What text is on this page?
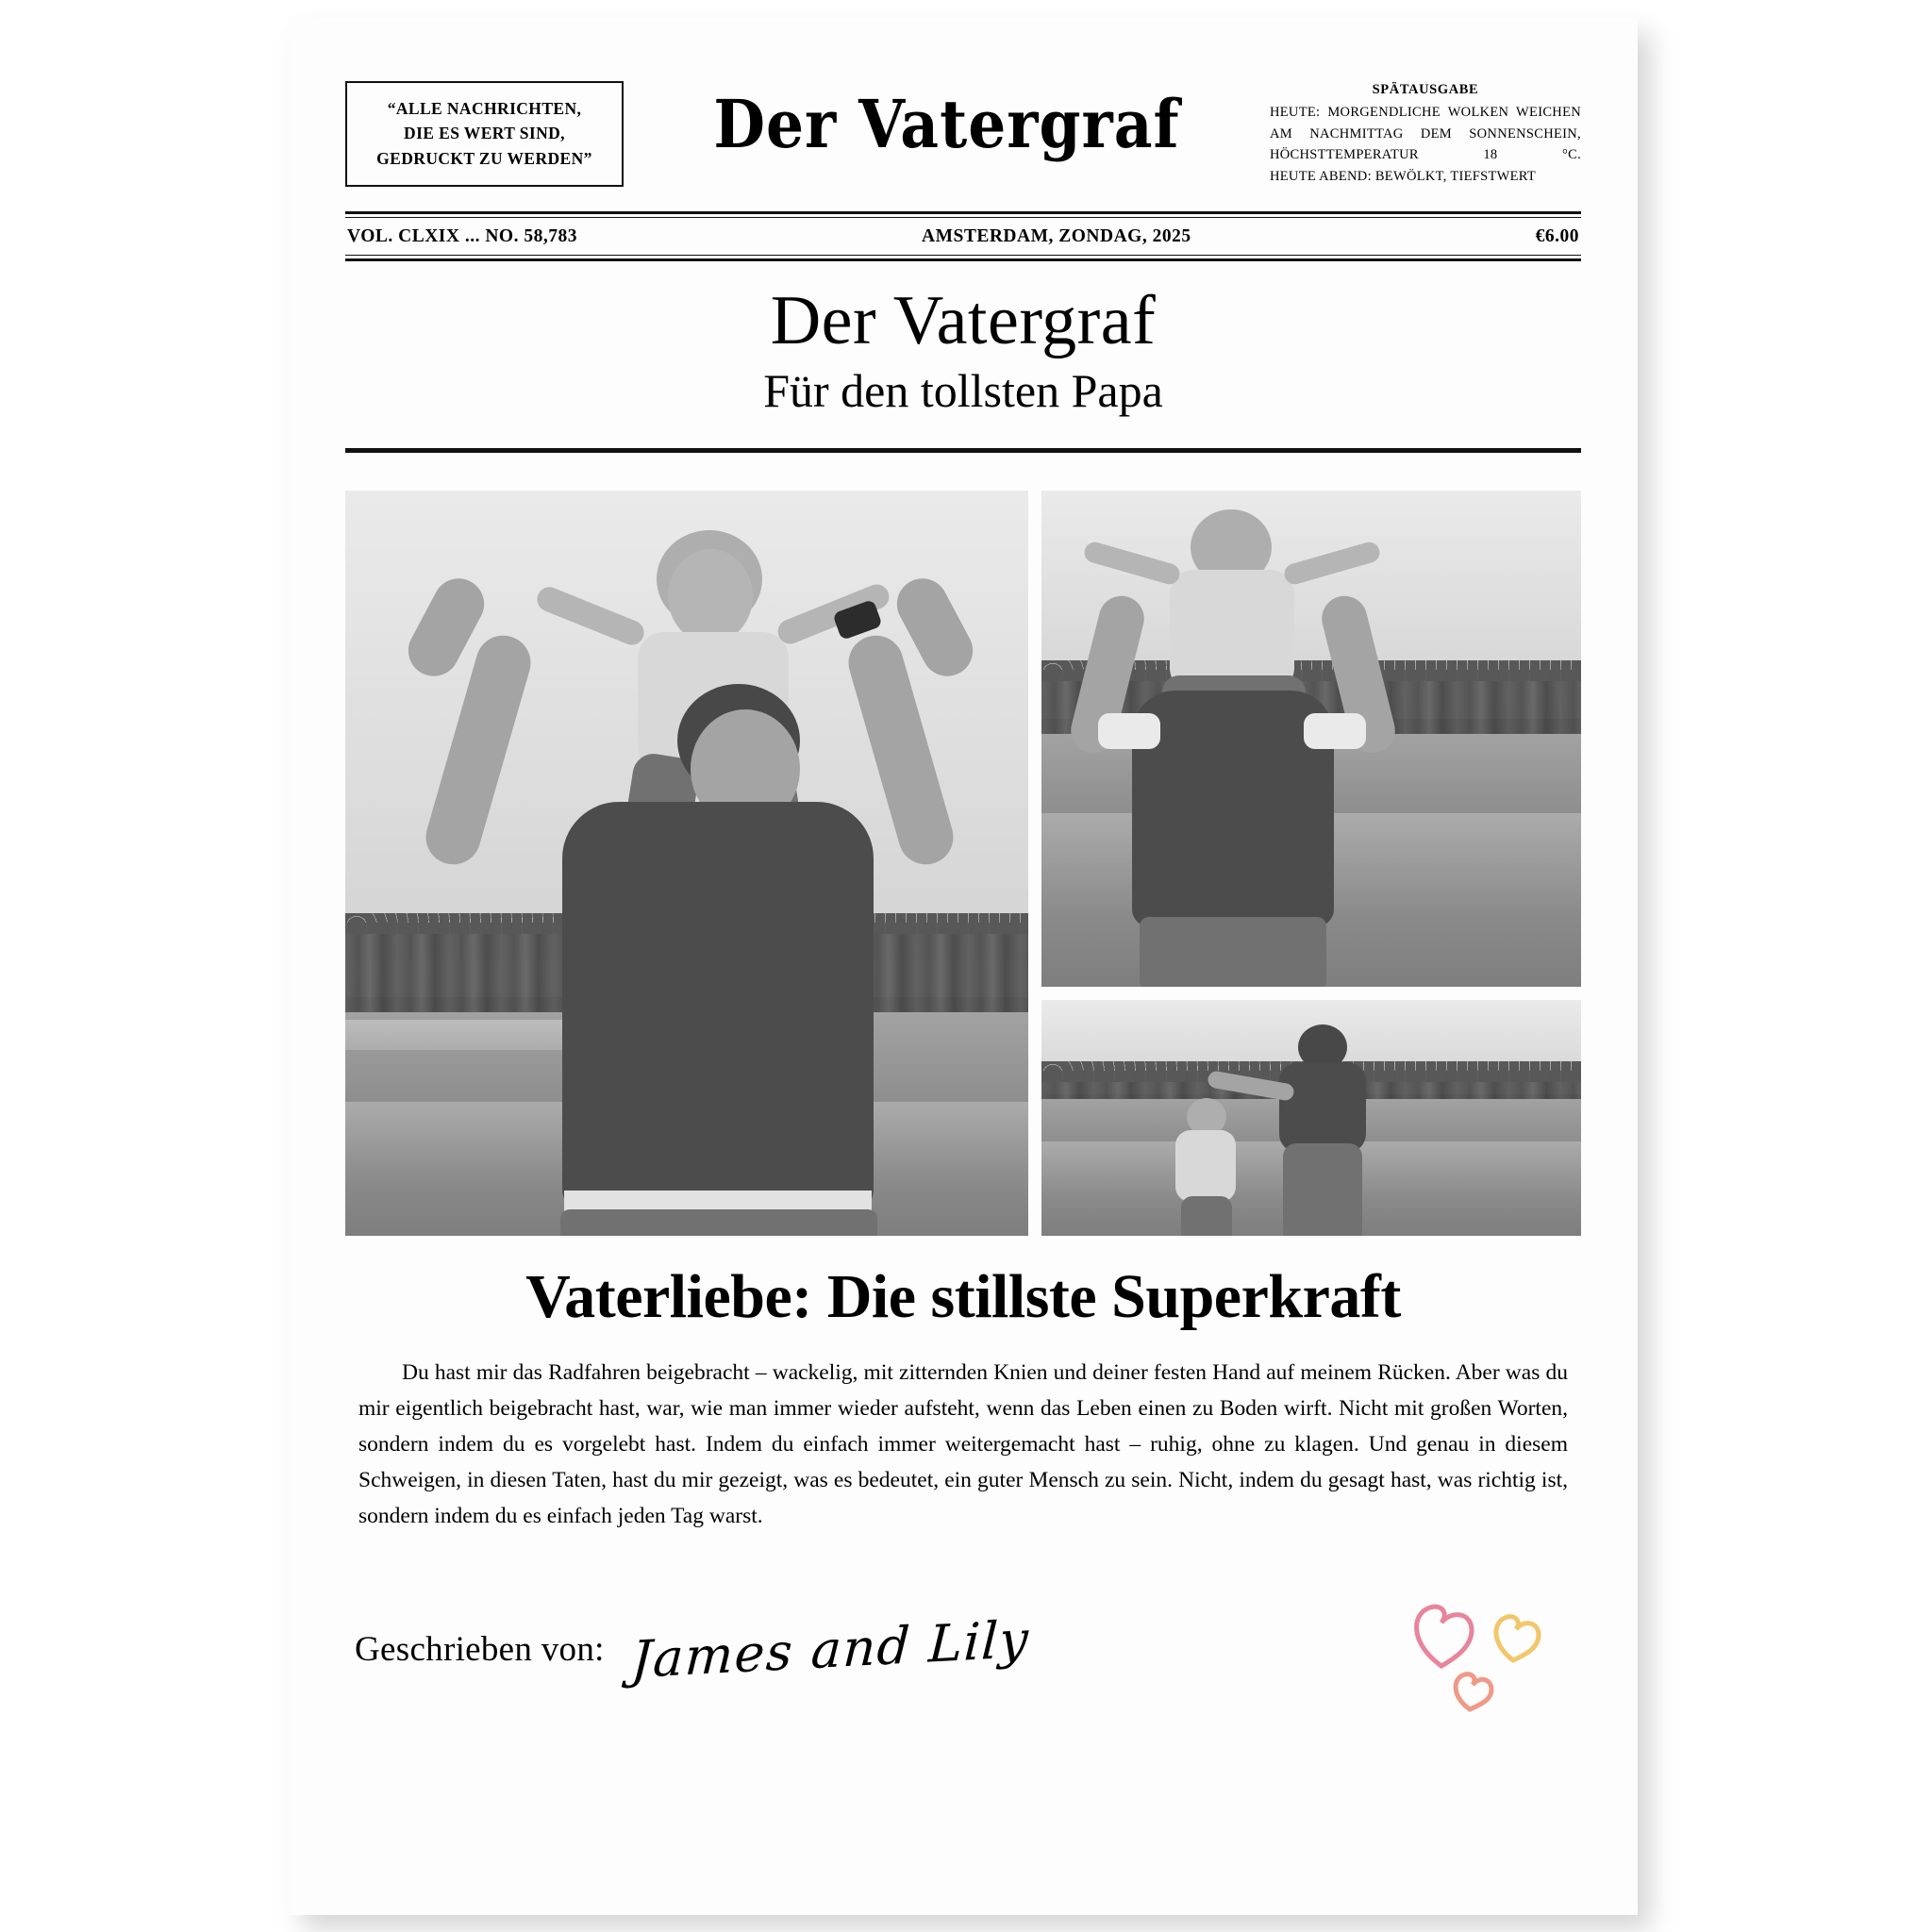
“ALLE NACHRICHTEN,
DIE ES WERT SIND,
GEDRUCKT ZU WERDEN”	Der Vatergraf	SPÄTAUSGABE

HEUTE: MORGENDLICHE WOLKEN WEICHEN AM NACHMITTAG DEM SONNENSCHEIN, HÖCHSTTEMPERATUR 18 °C.

HEUTE ABEND: BEWÖLKT, TIEFSTWERT

VOL. CLXIX ... NO. 58,783	AMSTERDAM, ZONDAG, 2025	€6.00
Der Vatergraf
Für den tollsten Papa
Vaterliebe: Die stillste Superkraft
Du hast mir das Radfahren beigebracht – wackelig, mit zitternden Knien und deiner festen Hand auf meinem Rücken. Aber was du mir eigentlich beigebracht hast, war, wie man immer wieder aufsteht, wenn das Leben einen zu Boden wirft. Nicht mit großen Worten, sondern indem du es vorgelebt hast. Indem du einfach immer weitergemacht hast – ruhig, ohne zu klagen. Und genau in diesem Schweigen, in diesen Taten, hast du mir gezeigt, was es bedeutet, ein guter Mensch zu sein. Nicht, indem du gesagt hast, was richtig ist, sondern indem du es einfach jeden Tag warst.
Geschrieben von: James and Lily
